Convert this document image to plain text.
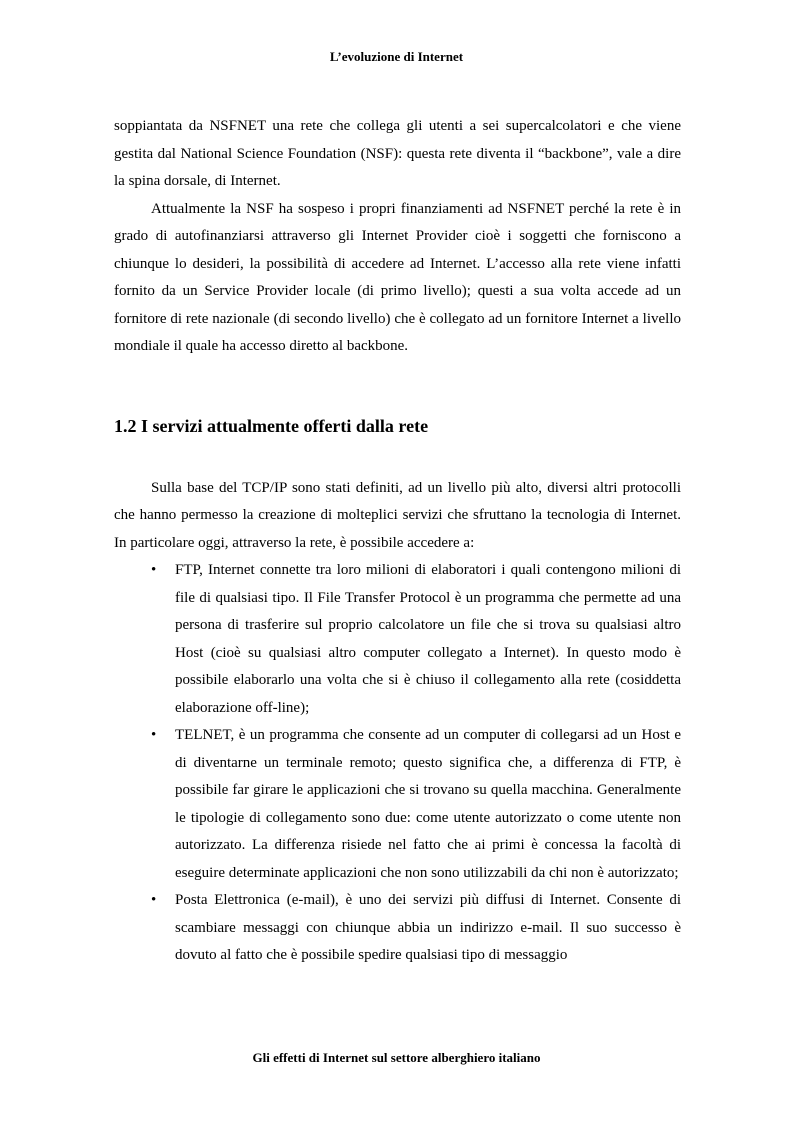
L’evoluzione di Internet

soppiantata da NSFNET una rete che collega gli utenti a sei supercalcolatori e che viene gestita dal National Science Foundation (NSF): questa rete diventa il “backbone”, vale a dire la spina dorsale, di Internet.

Attualmente la NSF ha sospeso i propri finanziamenti ad NSFNET perché la rete è in grado di autofinanziarsi attraverso gli Internet Provider cioè i soggetti che forniscono a chiunque lo desideri, la possibilità di accedere ad Internet. L’accesso alla rete viene infatti fornito da un Service Provider locale (di primo livello); questi a sua volta accede ad un fornitore di rete nazionale (di secondo livello) che è collegato ad un fornitore Internet a livello mondiale il quale ha accesso diretto al backbone.

1.2 I servizi attualmente offerti dalla rete

Sulla base del TCP/IP sono stati definiti, ad un livello più alto, diversi altri protocolli che hanno permesso la creazione di molteplici servizi che sfruttano la tecnologia di Internet. In particolare oggi, attraverso la rete, è possibile accedere a:

• FTP, Internet connette tra loro milioni di elaboratori i quali contengono milioni di file di qualsiasi tipo. Il File Transfer Protocol è un programma che permette ad una persona di trasferire sul proprio calcolatore un file che si trova su qualsiasi altro Host (cioè su qualsiasi altro computer collegato a Internet). In questo modo è possibile elaborarlo una volta che si è chiuso il collegamento alla rete (cosiddetta elaborazione off-line);
• TELNET, è un programma che consente ad un computer di collegarsi ad un Host e di diventarne un terminale remoto; questo significa che, a differenza di FTP, è possibile far girare le applicazioni che si trovano su quella macchina. Generalmente le tipologie di collegamento sono due: come utente autorizzato o come utente non autorizzato. La differenza risiede nel fatto che ai primi è concessa la facoltà di eseguire determinate applicazioni che non sono utilizzabili da chi non è autorizzato;
• Posta Elettronica (e-mail), è uno dei servizi più diffusi di Internet. Consente di scambiare messaggi con chiunque abbia un indirizzo e-mail. Il suo successo è dovuto al fatto che è possibile spedire qualsiasi tipo di messaggio
Gli effetti di Internet sul settore alberghiero italiano
